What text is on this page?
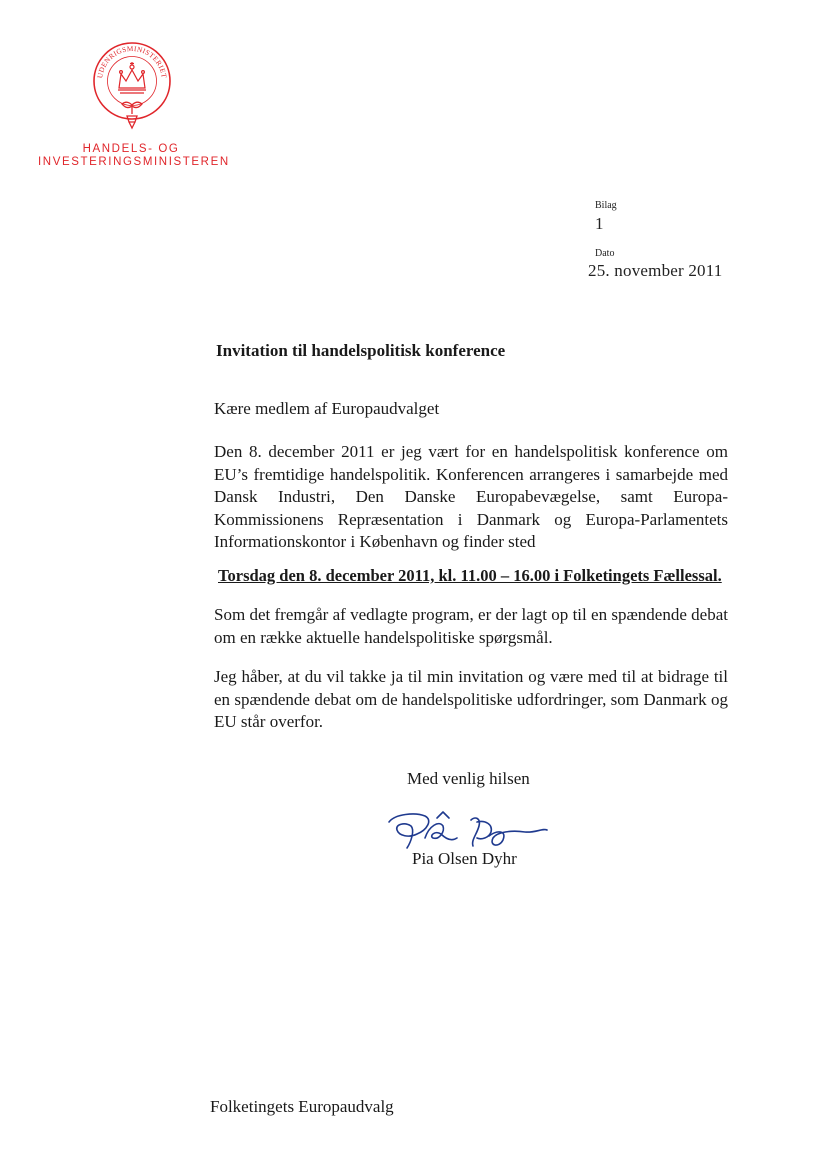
UDENRIGSMINISTERIET
HANDELS- OG
INVESTERINGSMINISTEREN
Bilag
1
Dato
25. november 2011
Invitation til handelspolitisk konference

Kære medlem af Europaudvalget

Den 8. december 2011 er jeg vært for en handelspolitisk konference om EU’s fremtidige handelspolitik. Konferencen arrangeres i samarbejde med Dansk Industri, Den Danske Europabevægelse, samt Europa-Kommissionens Repræsentation i Danmark og Europa-Parlamentets Informationskontor i København og finder sted

Torsdag den 8. december 2011, kl. 11.00 – 16.00 i Folketingets Fællessal.

Som det fremgår af vedlagte program, er der lagt op til en spændende debat om en række aktuelle handelspolitiske spørgsmål.

Jeg håber, at du vil takke ja til min invitation og være med til at bidrage til en spændende debat om de handelspolitiske udfordringer, som Danmark og EU står overfor.

Med venlig hilsen
Pia Olsen Dyhr
Folketingets Europaudvalg
